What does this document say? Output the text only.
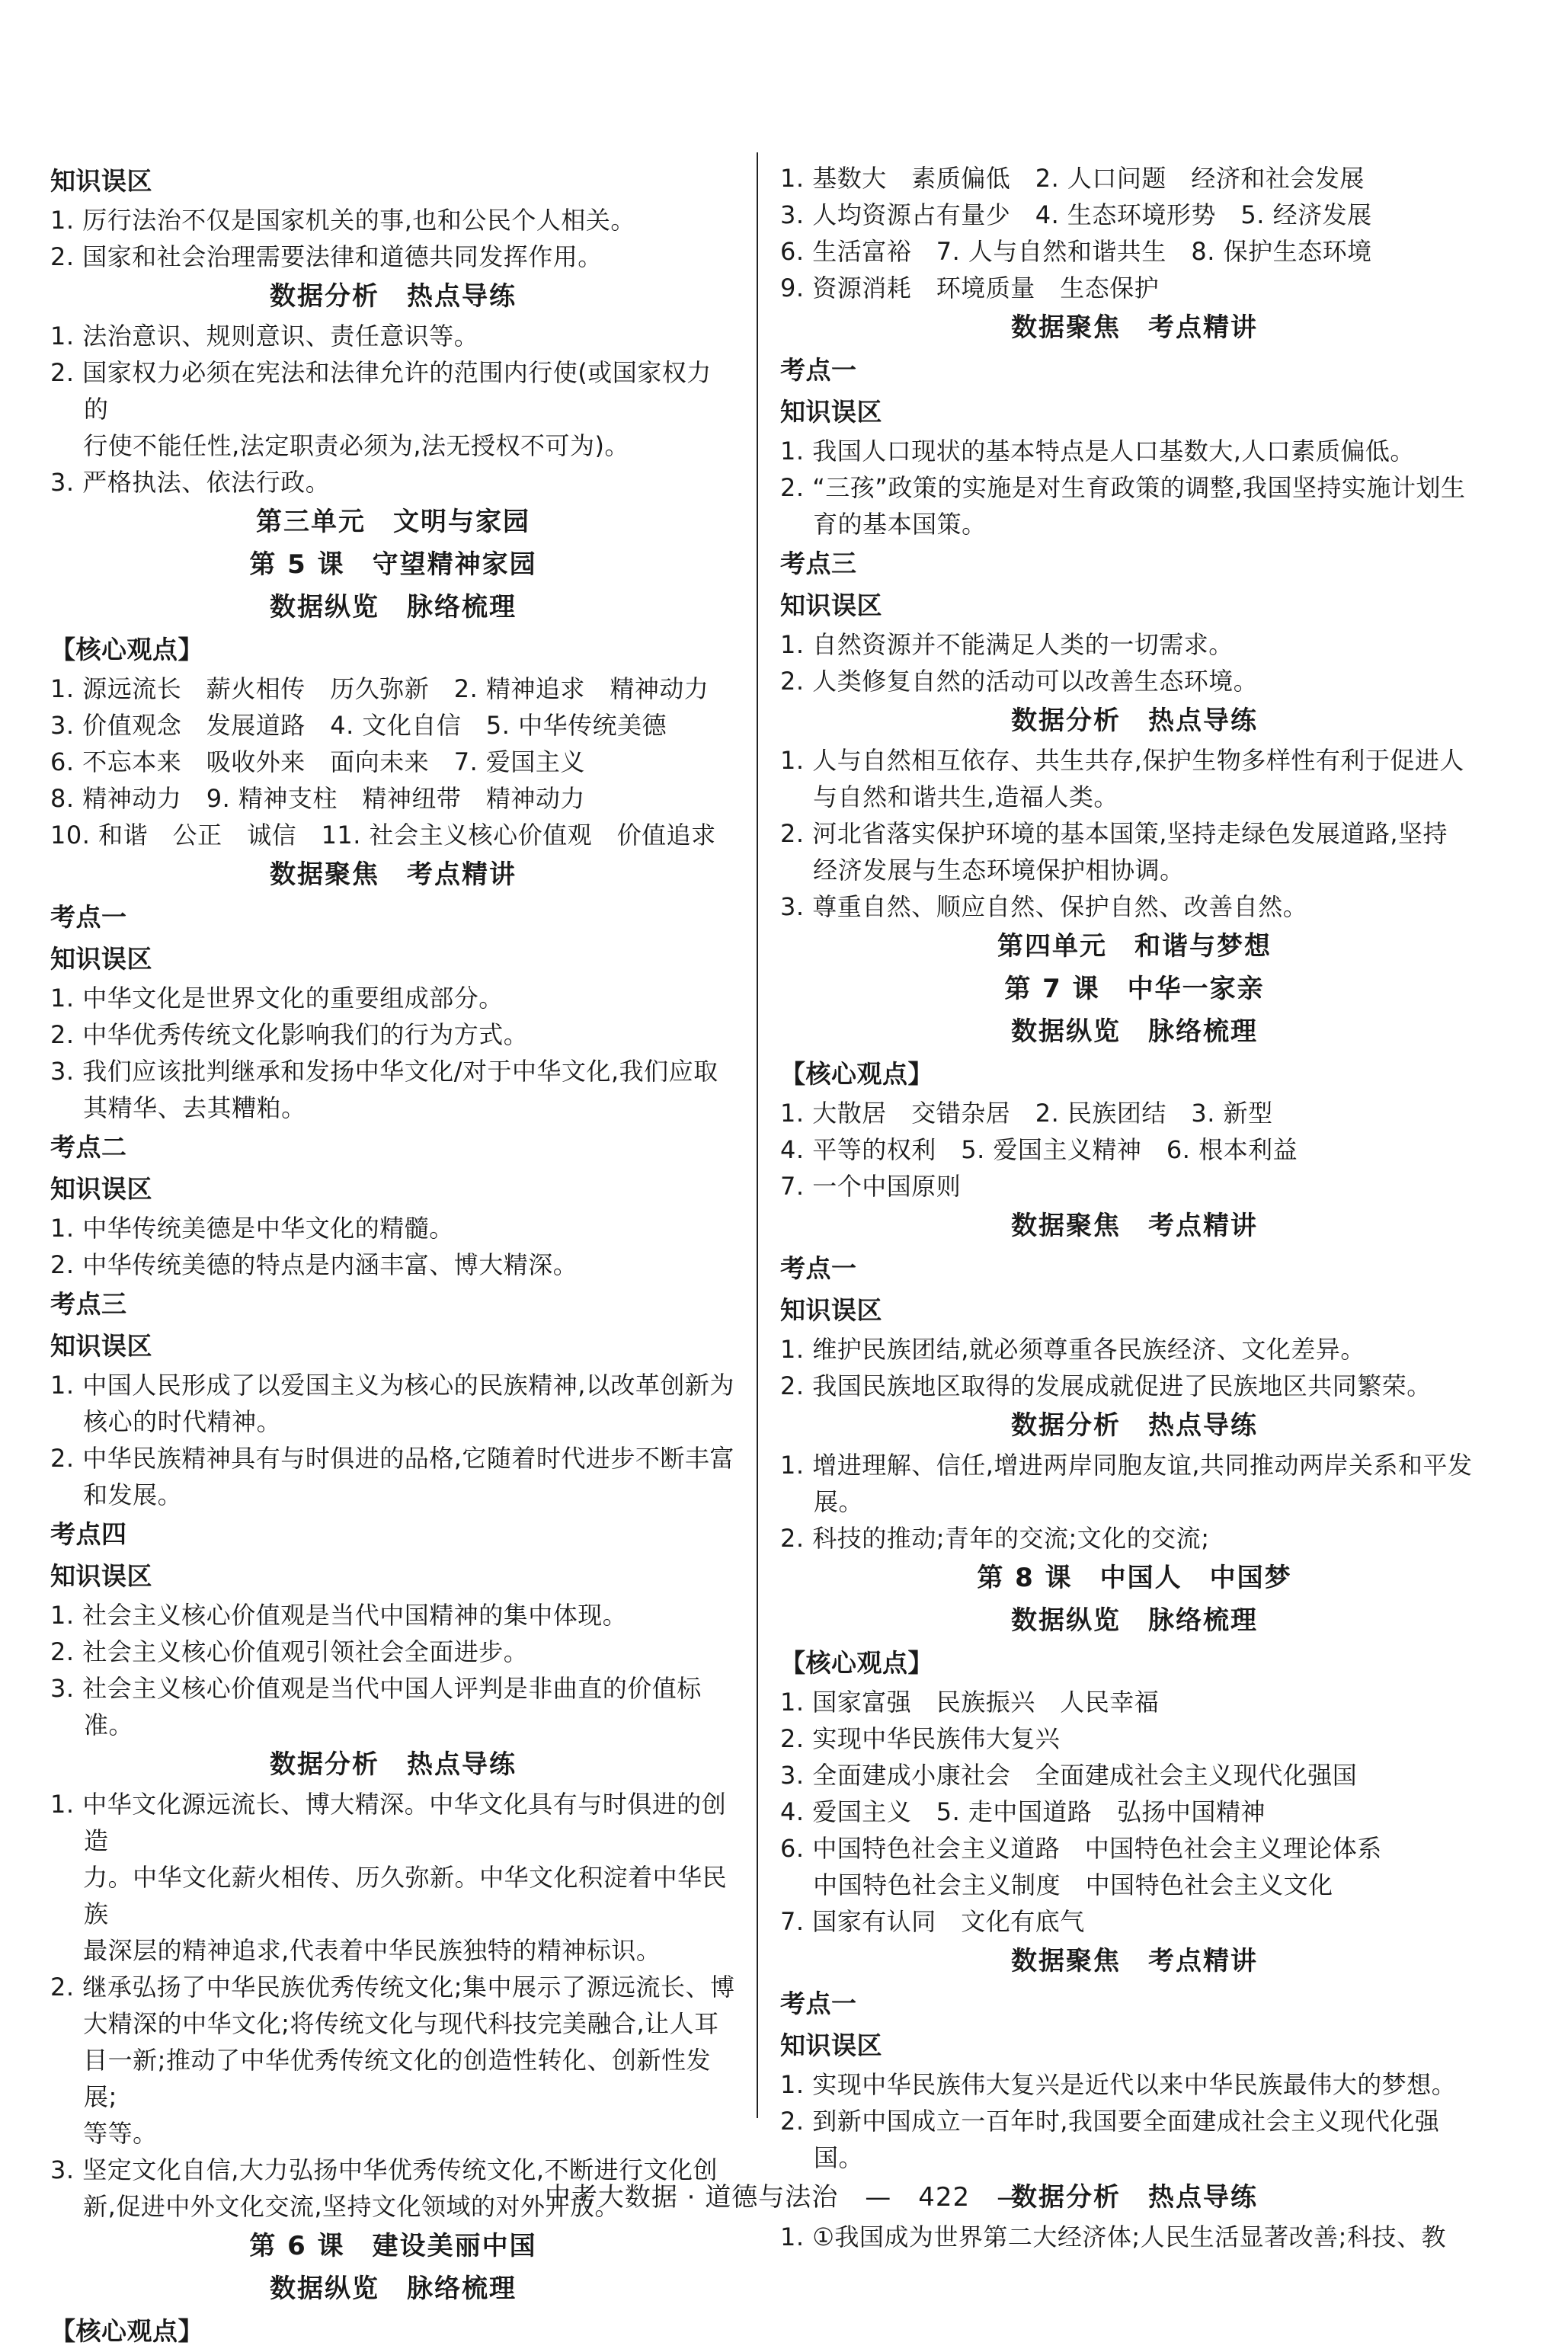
知识误区
1. 厉行法治不仅是国家机关的事,也和公民个人相关。
2. 国家和社会治理需要法律和道德共同发挥作用。
数据分析　热点导练
1. 法治意识、规则意识、责任意识等。
2. 国家权力必须在宪法和法律允许的范围内行使(或国家权力的
　 行使不能任性,法定职责必须为,法无授权不可为)。
3. 严格执法、依法行政。
第三单元　文明与家园
第 5 课　守望精神家园
数据纵览　脉络梳理
【核心观点】
1. 源远流长　薪火相传　历久弥新　2. 精神追求　精神动力
3. 价值观念　发展道路　4. 文化自信　5. 中华传统美德
6. 不忘本来　吸收外来　面向未来　7. 爱国主义
8. 精神动力　9. 精神支柱　精神纽带　精神动力
10. 和谐　公正　诚信　11. 社会主义核心价值观　价值追求
数据聚焦　考点精讲
考点一
知识误区
1. 中华文化是世界文化的重要组成部分。
2. 中华优秀传统文化影响我们的行为方式。
3. 我们应该批判继承和发扬中华文化/对于中华文化,我们应取
　 其精华、去其糟粕。
考点二
知识误区
1. 中华传统美德是中华文化的精髓。
2. 中华传统美德的特点是内涵丰富、博大精深。
考点三
知识误区
1. 中国人民形成了以爱国主义为核心的民族精神,以改革创新为
　 核心的时代精神。
2. 中华民族精神具有与时俱进的品格,它随着时代进步不断丰富
　 和发展。
考点四
知识误区
1. 社会主义核心价值观是当代中国精神的集中体现。
2. 社会主义核心价值观引领社会全面进步。
3. 社会主义核心价值观是当代中国人评判是非曲直的价值标准。
数据分析　热点导练
1. 中华文化源远流长、博大精深。中华文化具有与时俱进的创造
　 力。中华文化薪火相传、历久弥新。中华文化积淀着中华民族
　 最深层的精神追求,代表着中华民族独特的精神标识。
2. 继承弘扬了中华民族优秀传统文化;集中展示了源远流长、博
　 大精深的中华文化;将传统文化与现代科技完美融合,让人耳
　 目一新;推动了中华优秀传统文化的创造性转化、创新性发展;
　 等等。
3. 坚定文化自信,大力弘扬中华优秀传统文化,不断进行文化创
　 新,促进中外文化交流,坚持文化领域的对外开放。
第 6 课　建设美丽中国
数据纵览　脉络梳理
【核心观点】
1. 基数大　素质偏低　2. 人口问题　经济和社会发展
3. 人均资源占有量少　4. 生态环境形势　5. 经济发展
6. 生活富裕　7. 人与自然和谐共生　8. 保护生态环境
9. 资源消耗　环境质量　生态保护
数据聚焦　考点精讲
考点一
知识误区
1. 我国人口现状的基本特点是人口基数大,人口素质偏低。
2. “三孩”政策的实施是对生育政策的调整,我国坚持实施计划生
　 育的基本国策。
考点三
知识误区
1. 自然资源并不能满足人类的一切需求。
2. 人类修复自然的活动可以改善生态环境。
数据分析　热点导练
1. 人与自然相互依存、共生共存,保护生物多样性有利于促进人
　 与自然和谐共生,造福人类。
2. 河北省落实保护环境的基本国策,坚持走绿色发展道路,坚持
　 经济发展与生态环境保护相协调。
3. 尊重自然、顺应自然、保护自然、改善自然。
第四单元　和谐与梦想
第 7 课　中华一家亲
数据纵览　脉络梳理
【核心观点】
1. 大散居　交错杂居　2. 民族团结　3. 新型
4. 平等的权利　5. 爱国主义精神　6. 根本利益
7. 一个中国原则
数据聚焦　考点精讲
考点一
知识误区
1. 维护民族团结,就必须尊重各民族经济、文化差异。
2. 我国民族地区取得的发展成就促进了民族地区共同繁荣。
数据分析　热点导练
1. 增进理解、信任,增进两岸同胞友谊,共同推动两岸关系和平发展。
2. 科技的推动;青年的交流;文化的交流;
第 8 课　中国人　中国梦
数据纵览　脉络梳理
【核心观点】
1. 国家富强　民族振兴　人民幸福
2. 实现中华民族伟大复兴
3. 全面建成小康社会　全面建成社会主义现代化强国
4. 爱国主义　5. 走中国道路　弘扬中国精神
6. 中国特色社会主义道路　中国特色社会主义理论体系
　 中国特色社会主义制度　中国特色社会主义文化
7. 国家有认同　文化有底气
数据聚焦　考点精讲
考点一
知识误区
1. 实现中华民族伟大复兴是近代以来中华民族最伟大的梦想。
2. 到新中国成立一百年时,我国要全面建成社会主义现代化强国。
数据分析　热点导练
1. ①我国成为世界第二大经济体;人民生活显著改善;科技、教
中考大数据 · 道德与法治　—　422　—
